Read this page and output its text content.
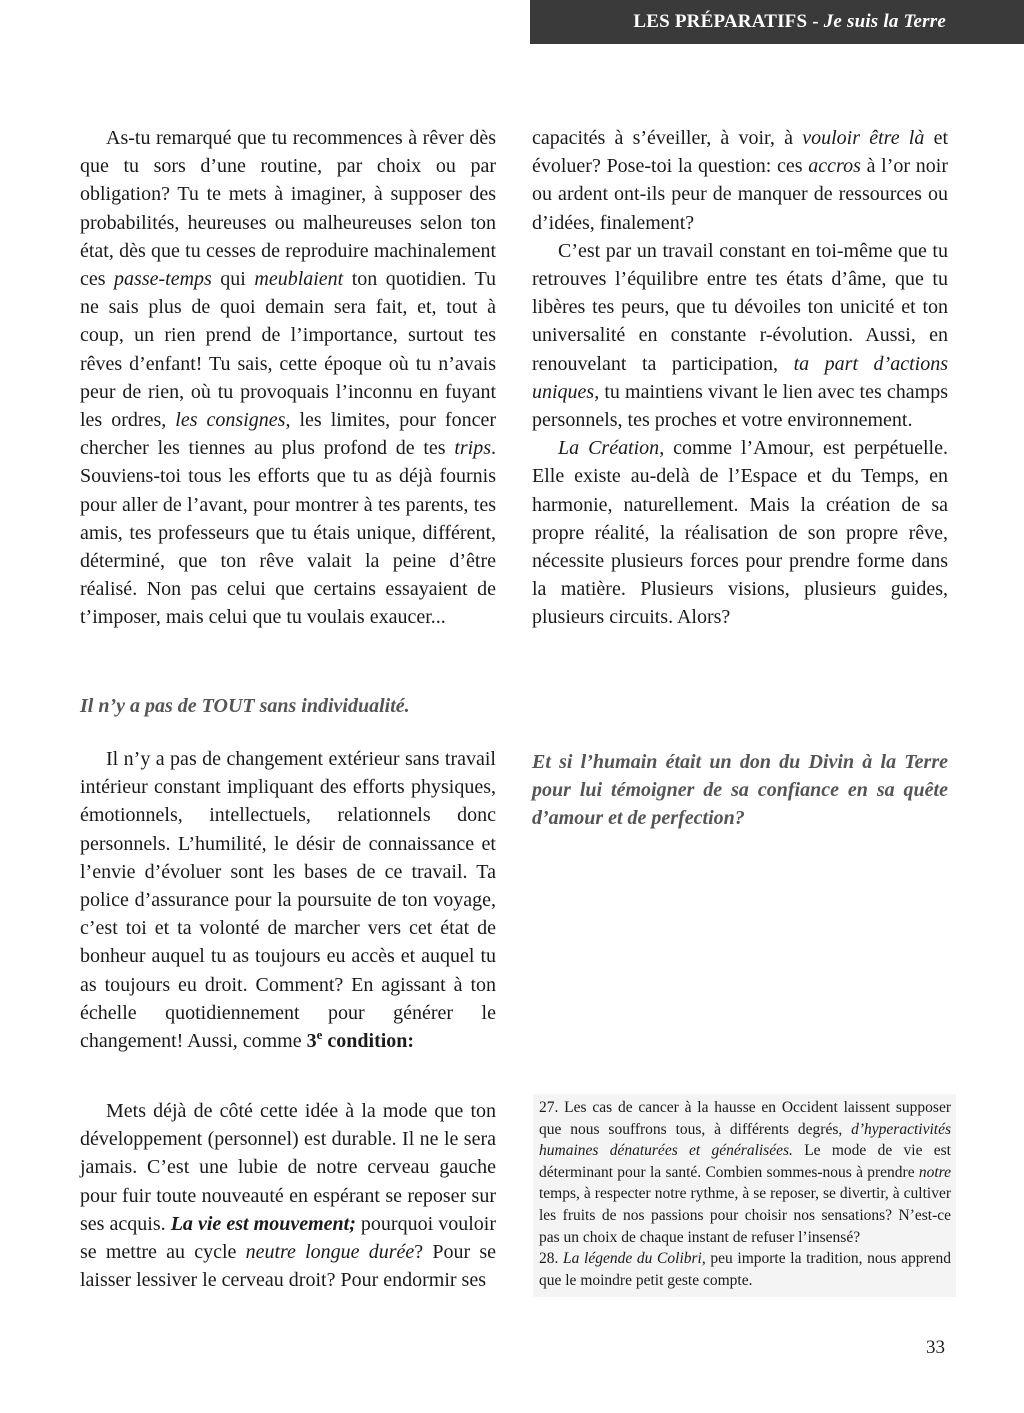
LES PRÉPARATIFS - Je suis la Terre

As-tu remarqué que tu recommences à rêver dès que tu sors d’une routine, par choix ou par obligation? Tu te mets à imaginer, à supposer des probabilités, heureuses ou malheureuses selon ton état, dès que tu cesses de reproduire machinalement ces passe-temps qui meublaient ton quotidien. Tu ne sais plus de quoi demain sera fait, et, tout à coup, un rien prend de l’importance, surtout tes rêves d’enfant! Tu sais, cette époque où tu n’avais peur de rien, où tu provoquais l’inconnu en fuyant les ordres, les consignes, les limites, pour foncer chercher les tiennes au plus profond de tes trips. Souviens-toi tous les efforts que tu as déjà fournis pour aller de l’avant, pour montrer à tes parents, tes amis, tes professeurs que tu étais unique, différent, déterminé, que ton rêve valait la peine d’être réalisé. Non pas celui que certains essayaient de t’imposer, mais celui que tu voulais exaucer...

Il n’y a pas de TOUT sans individualité.

Il n’y a pas de changement extérieur sans travail intérieur constant impliquant des efforts physiques, émotionnels, intellectuels, relationnels donc personnels. L’humilité, le désir de connaissance et l’envie d’évoluer sont les bases de ce travail. Ta police d’assurance pour la poursuite de ton voyage, c’est toi et ta volonté de marcher vers cet état de bonheur auquel tu as toujours eu accès et auquel tu as toujours eu droit. Comment? En agissant à ton échelle quotidiennement pour générer le changement! Aussi, comme 3e condition:

Mets déjà de côté cette idée à la mode que ton développement (personnel) est durable. Il ne le sera jamais. C’est une lubie de notre cerveau gauche pour fuir toute nouveauté en espérant se reposer sur ses acquis. La vie est mouvement; pourquoi vouloir se mettre au cycle neutre longue durée? Pour se laisser lessiver le cerveau droit? Pour endormir ses

capacités à s’éveiller, à voir, à vouloir être là et évoluer? Pose-toi la question: ces accros à l’or noir ou ardent ont-ils peur de manquer de ressources ou d’idées, finalement?

C’est par un travail constant en toi-même que tu retrouves l’équilibre entre tes états d’âme, que tu libères tes peurs, que tu dévoiles ton unicité et ton universalité en constante r-évolution. Aussi, en renouvelant ta participation, ta part d’actions uniques, tu maintiens vivant le lien avec tes champs personnels, tes proches et votre environnement.

La Création, comme l’Amour, est perpétuelle. Elle existe au-delà de l’Espace et du Temps, en harmonie, naturellement. Mais la création de sa propre réalité, la réalisation de son propre rêve, nécessite plusieurs forces pour prendre forme dans la matière. Plusieurs visions, plusieurs guides, plusieurs circuits. Alors?

Et si l’humain était un don du Divin à la Terre pour lui témoigner de sa confiance en sa quête d’amour et de perfection?

27. Les cas de cancer à la hausse en Occident laissent supposer que nous souffrons tous, à différents degrés, d’hyperactivités humaines dénaturées et généralisées. Le mode de vie est déterminant pour la santé. Combien sommes-nous à prendre notre temps, à respecter notre rythme, à se reposer, se divertir, à cultiver les fruits de nos passions pour choisir nos sensations? N’est-ce pas un choix de chaque instant de refuser l’insensé?

28. La légende du Colibri, peu importe la tradition, nous apprend que le moindre petit geste compte.

33
